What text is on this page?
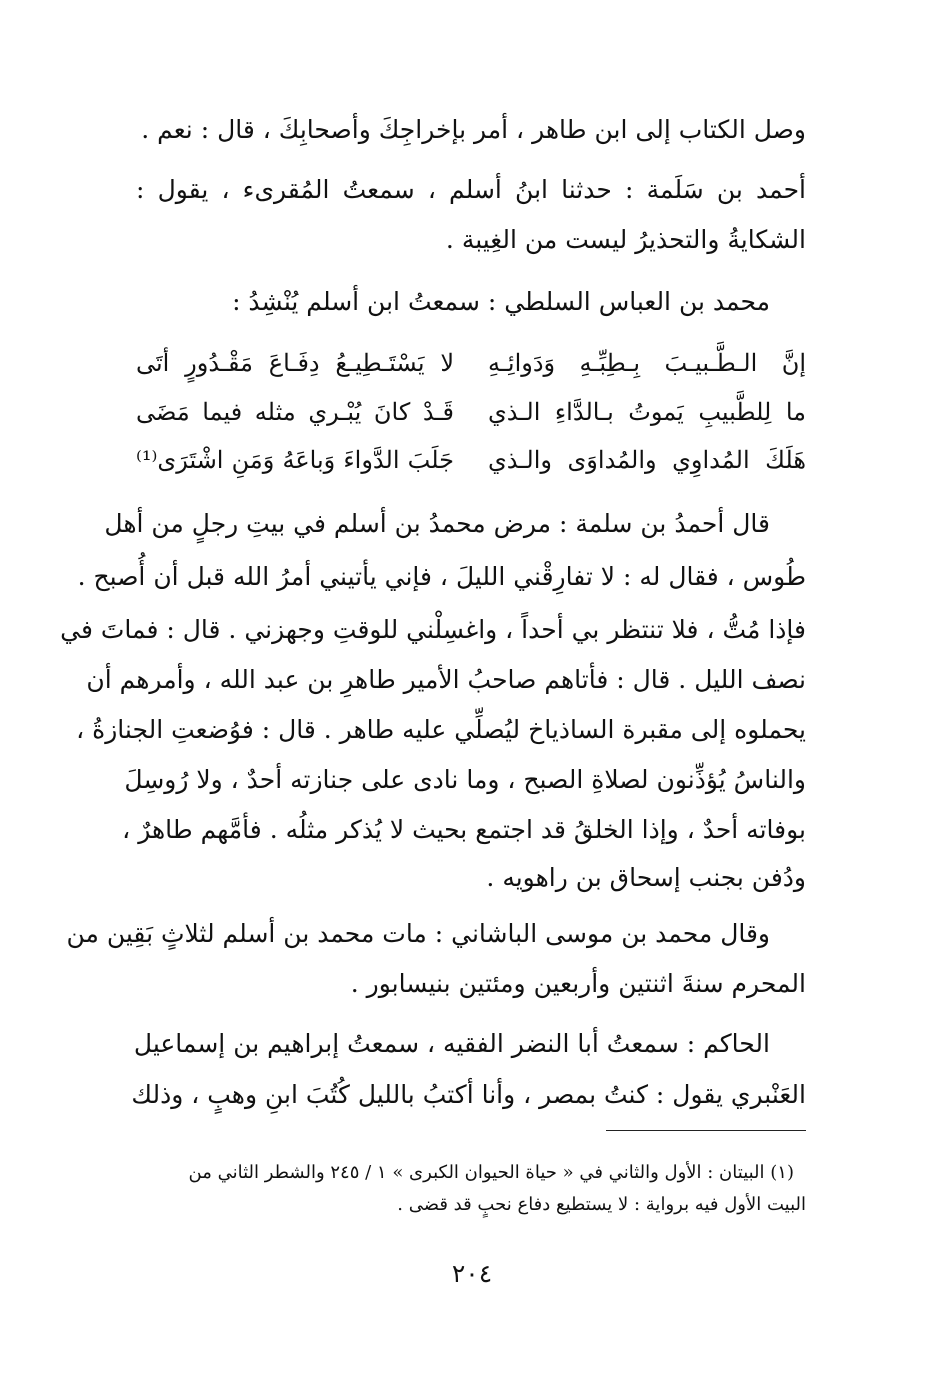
وصل الكتاب إلى ابن طاهر ، أمر بإخراجِكَ وأصحابِكَ ، قال : نعم .
أحمد بن سَلَمة : حدثنا ابنُ أسلم ، سمعتُ المُقرىء ، يقول :
الشكايةُ والتحذيرُ ليست من الغِيبة .
محمد بن العباس السلطي : سمعتُ ابن أسلم يُنْشِدُ :
إنَّ الـطَّـبيـبَ بِـطِبِّـهِ وَدَوائِـهِ
لا يَسْتَـطِيـعُ دِفَـاعَ مَقْـدُورٍ أتَى
ما لِلطَّبيبِ يَموتُ بـالدَّاءِ الـذي
قَـدْ كانَ يُبْـري مثله فيما مَضَى
هَلَكَ المُداوِي والمُداوَى والـذي
جَلَبَ الدَّواءَ وَباعَهُ وَمَنِ اشْتَرَى⁽¹⁾
قال أحمدُ بن سلمة : مرض محمدُ بن أسلم في بيتِ رجلٍ من أهل
طُوس ، فقال له : لا تفارِقْني الليلَ ، فإني يأتيني أمرُ الله قبل أن أُصبح .
فإذا مُتُّ ، فلا تنتظر بي أحداً ، واغسِلْني للوقتِ وجهزني . قال : فماتَ في
نصف الليل . قال : فأتاهم صاحبُ الأمير طاهرِ بن عبد الله ، وأمرهم أن
يحملوه إلى مقبرة الساذياخ ليُصلِّي عليه طاهر . قال : فوُضعتِ الجنازةُ ،
والناسُ يُؤذِّنون لصلاةِ الصبح ، وما نادى على جنازته أحدٌ ، ولا رُوسِلَ
بوفاته أحدٌ ، وإذا الخلقُ قد اجتمع بحيث لا يُذكر مثلُه . فأمَّهم طاهرٌ ،
ودُفن بجنب إسحاق بن راهويه .
وقال محمد بن موسى الباشاني : مات محمد بن أسلم لثلاثٍ بَقِين من
المحرم سنةَ اثنتين وأربعين ومئتين بنيسابور .
الحاكم : سمعتُ أبا النضر الفقيه ، سمعتُ إبراهيم بن إسماعيل
العَنْبري يقول : كنتُ بمصر ، وأنا أكتبُ بالليل كُتُبَ ابنِ وهبٍ ، وذلك
(١) البيتان : الأول والثاني في « حياة الحيوان الكبرى » ١ / ٢٤٥ والشطر الثاني من
البيت الأول فيه برواية : لا يستطيع دفاع نحبٍ قد قضى .
٢٠٤
